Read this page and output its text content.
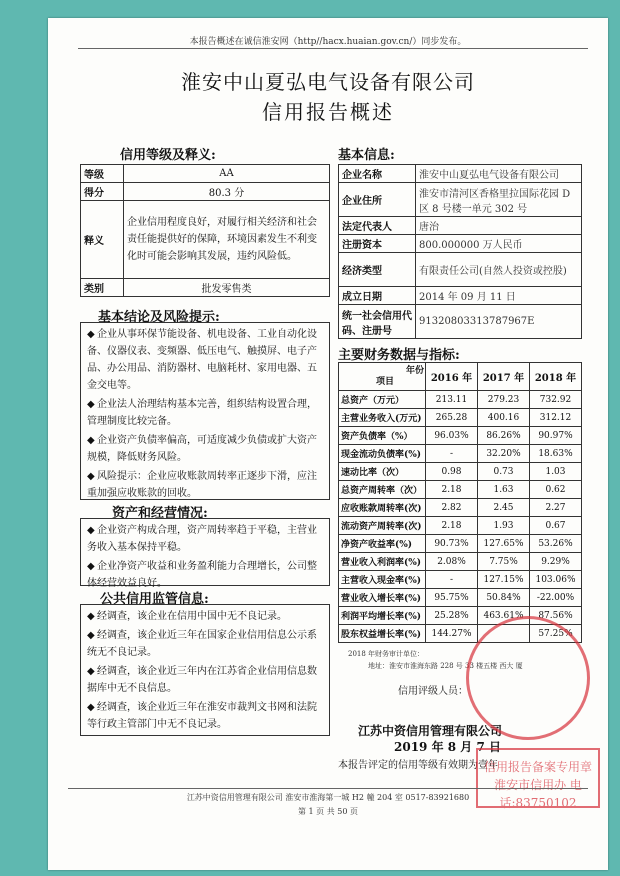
本报告概述在诚信淮安网（http//hacx.huaian.gov.cn/）同步发布。
淮安中山夏弘电气设备有限公司
信用报告概述
信用等级及释义:
等级	AA
得分	80.3 分
释义	企业信用程度良好，对履行相关经济和社会责任能提供好的保障，环境因素发生不利变化时可能会影响其发展，违约风险低。
类别	批发零售类
基本结论及风险提示:

◆ 企业从事环保节能设备、机电设备、工业自动化设备、仪器仪表、变频器、低压电气、触摸屏、电子产品、办公用品、消防器材、电脑耗材、家用电器、五金交电等。

◆ 企业法人治理结构基本完善，组织结构设置合理，管理制度比较完备。

◆ 企业资产负债率偏高，可适度减少负债或扩大资产规模，降低财务风险。

◆ 风险提示：企业应收账款周转率正逐步下滑，应注重加强应收账款的回收。

资产和经营情况:

◆ 企业资产构成合理，资产周转率趋于平稳，主营业务收入基本保持平稳。

◆ 企业净资产收益和业务盈利能力合理增长，公司整体经营效益良好。

公共信用监管信息:

◆ 经调查，该企业在信用中国中无不良记录。

◆ 经调查，该企业近三年在国家企业信用信息公示系统无不良记录。

◆ 经调查，该企业近三年内在江苏省企业信用信息数据库中无不良信息。

◆ 经调查，该企业近三年在淮安市裁判文书网和法院等行政主管部门中无不良记录。

基本信息:
企业名称	淮安中山夏弘电气设备有限公司
企业住所	淮安市清河区香格里拉国际花园 D 区 8 号楼一单元 302 号
法定代表人	唐治
注册资本	800.000000 万人民币
经济类型	有限责任公司(自然人投资或控股)
成立日期	2014 年 09 月 11 日
统一社会信用代码、注册号	91320803313787967E
主要财务数据与指标:
年份
项目	2016 年	2017 年	2018 年
总资产（万元）	213.11	279.23	732.92
主营业务收入(万元)	265.28	400.16	312.12
资产负债率（%）	96.03%	86.26%	90.97%
现金流动负债率(%)	-	32.20%	18.63%
速动比率（次）	0.98	0.73	1.03
总资产周转率（次）	2.18	1.63	0.62
应收账款周转率(次)	2.82	2.45	2.27
流动资产周转率(次)	2.18	1.93	0.67
净资产收益率(%)	90.73%	127.65%	53.26%
营业收入利润率(%)	2.08%	7.75%	9.29%
主营收入现金率(%)	-	127.15%	103.06%
营业收入增长率(%)	95.75%	50.84%	-22.00%
利润平均增长率(%)	25.28%	463.61%	87.56%
股东权益增长率(%)	144.27%		57.25%
2018 年财务审计单位：
地址：淮安市淮海东路 228 号 33 楼五楼 西大 厦
信用评级人员：
江苏中资信用管理有限公司
2019 年 8 月 7 日
本报告评定的信用等级有效期为壹年
信用报告备案专用章
淮安市信用办 电话:83750102
江苏中资信用管理有限公司 淮安市淮海第一城 H2 幢 204 室 0517-83921680
第 1 页 共 50 页
